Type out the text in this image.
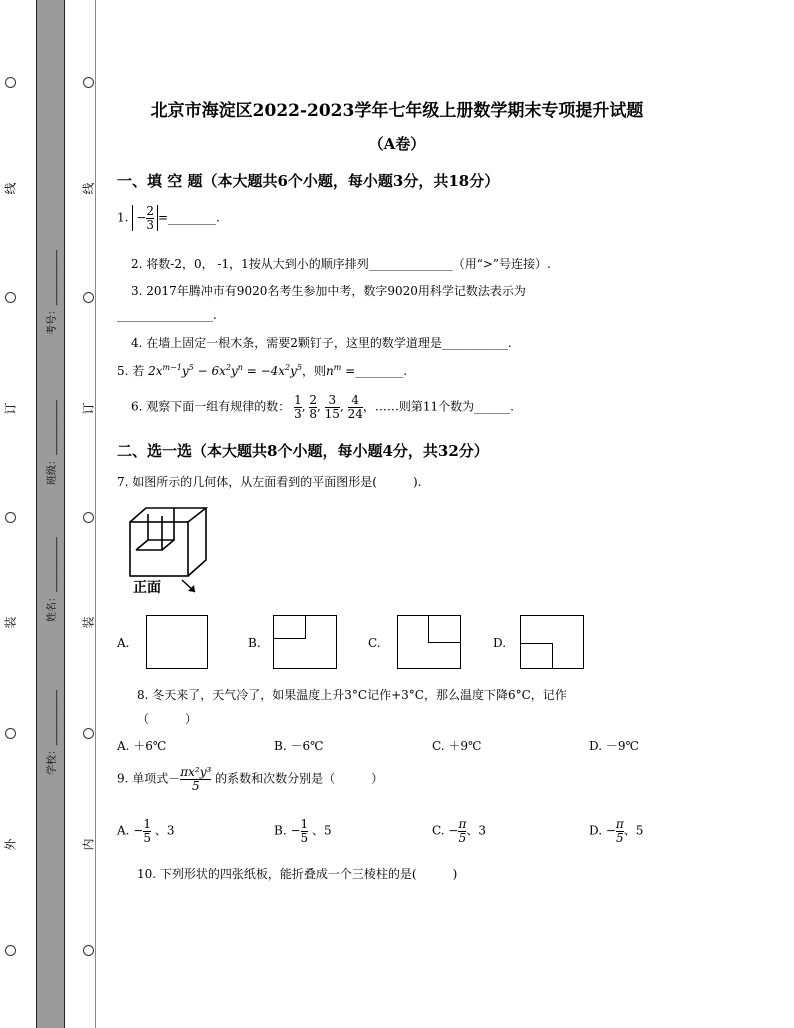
线
订
装
外
线
订
装
内
考号：___________
班级：___________
姓名：___________
学校：___________
北京市海淀区2022-2023学年七年级上册数学期末专项提升试题
（A卷）
一、填 空 题（本大题共6个小题，每小题3分，共18分）
1. − $\frac{2}{3}$ =________.
2. 将数-2，0， -1，1按从大到小的顺序排列______________（用“>”号连接）.
3. 2017年腾冲市有9020名考生参加中考，数字9020用科学记数法表示为
________________.
4. 在墙上固定一根木条，需要2颗钉子，这里的数学道理是___________.
5. 若 $2x^{m-1}y^5 - 6x^2y^n = -4x^2y^5$，则$n^m$ =________.
6. 观察下面一组有规律的数： $\frac{1}{3}$ , $\frac{2}{8}$ , $\frac{3}{15}$ , $\frac{4}{24}$ ，……则第11个数为______.
二、选一选（本大题共8个小题，每小题4分，共32分）
7. 如图所示的几何体，从左面看到的平面图形是(　　　).
正面
A.	B.	C.	D.
8. 冬天来了，天气冷了，如果温度上升3°C记作+3°C，那么温度下降6°C，记作
（　　　）
A. ＋6℃	B. －6℃	C. ＋9℃	D. －9℃
9. 单项式－ $\frac{\text{πx²y³}}{5}$ 的系数和次数分别是（　　　）
A. − $\frac{1}{5}$ 、3	B. − $\frac{1}{5}$ 、5	C. − $\frac{\pi}{5}$ 、3	D. − $\frac{\pi}{5}$ 、5
10. 下列形状的四张纸板，能折叠成一个三棱柱的是(　　　)
